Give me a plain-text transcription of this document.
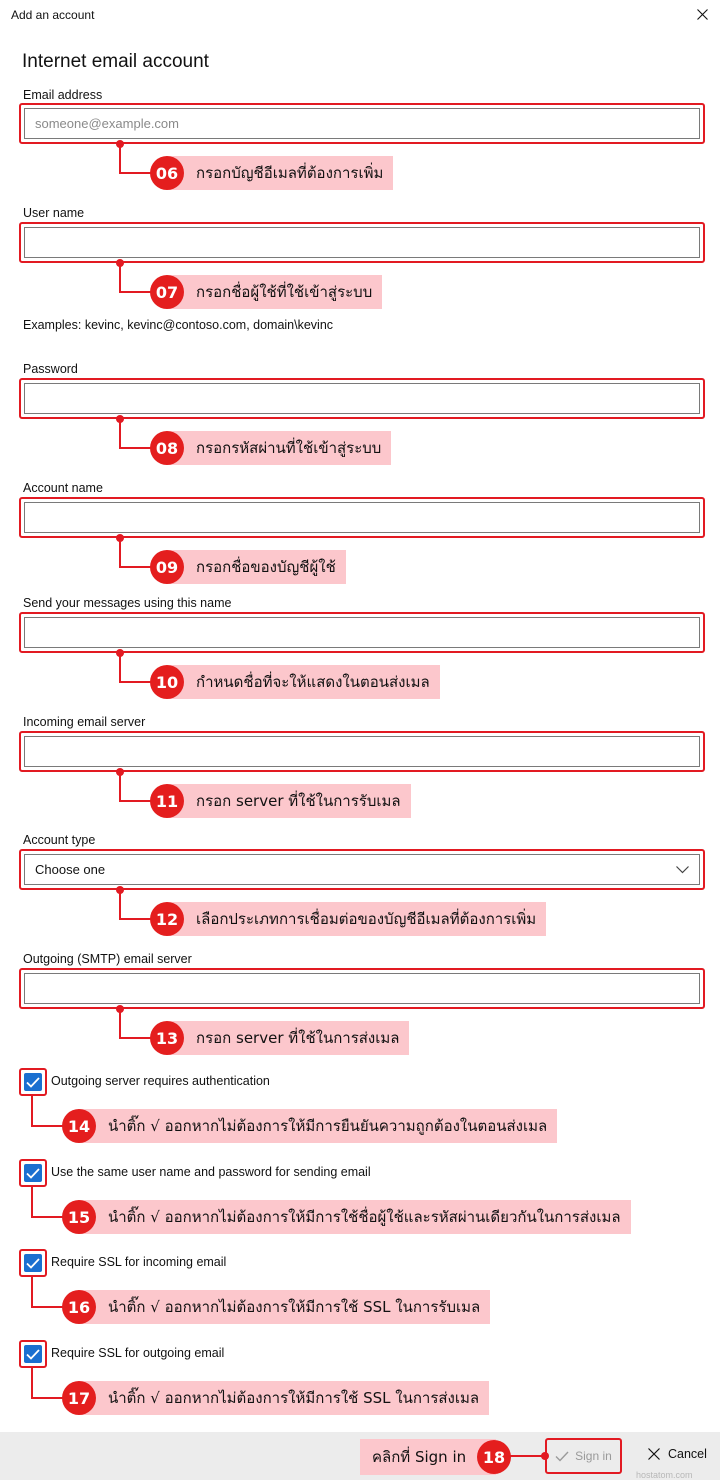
Add an account
Internet email account
Email address
someone@example.com
06	กรอกบัญชีอีเมลที่ต้องการเพิ่ม
User name
07	กรอกชื่อผู้ใช้ที่ใช้เข้าสู่ระบบ
Examples: kevinc, kevinc@contoso.com, domain\kevinc
Password
08	กรอกรหัสผ่านที่ใช้เข้าสู่ระบบ
Account name
09	กรอกชื่อของบัญชีผู้ใช้
Send your messages using this name
10	กำหนดชื่อที่จะให้แสดงในตอนส่งเมล
Incoming email server
11	กรอก server ที่ใช้ในการรับเมล
Account type
Choose one
12	เลือกประเภทการเชื่อมต่อของบัญชีอีเมลที่ต้องการเพิ่ม
Outgoing (SMTP) email server
13	กรอก server ที่ใช้ในการส่งเมล
Outgoing server requires authentication
14	นำติ๊ก √ ออกหากไม่ต้องการให้มีการยืนยันความถูกต้องในตอนส่งเมล
Use the same user name and password for sending email
15	นำติ๊ก √ ออกหากไม่ต้องการให้มีการใช้ชื่อผู้ใช้และรหัสผ่านเดียวกันในการส่งเมล
Require SSL for incoming email
16	นำติ๊ก √ ออกหากไม่ต้องการให้มีการใช้ SSL ในการรับเมล
Require SSL for outgoing email
17	นำติ๊ก √ ออกหากไม่ต้องการให้มีการใช้ SSL ในการส่งเมล
คลิกที่ Sign in	18	Sign in	Cancel
hostatom.com
